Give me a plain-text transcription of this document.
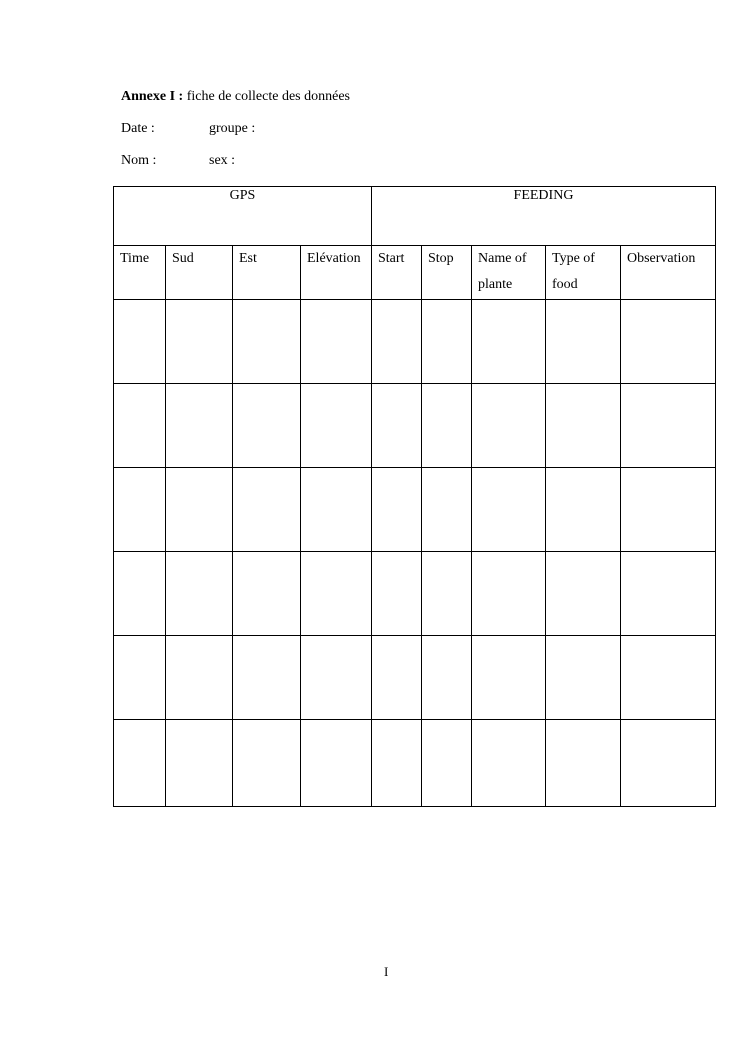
Annexe I : fiche de collecte des données
Date :	groupe :
Nom :	sex :
GPS				FEEDING				
Time	Sud	Est	Elévation	Start	Stop	Name of plante	Type of food	Observation

I
